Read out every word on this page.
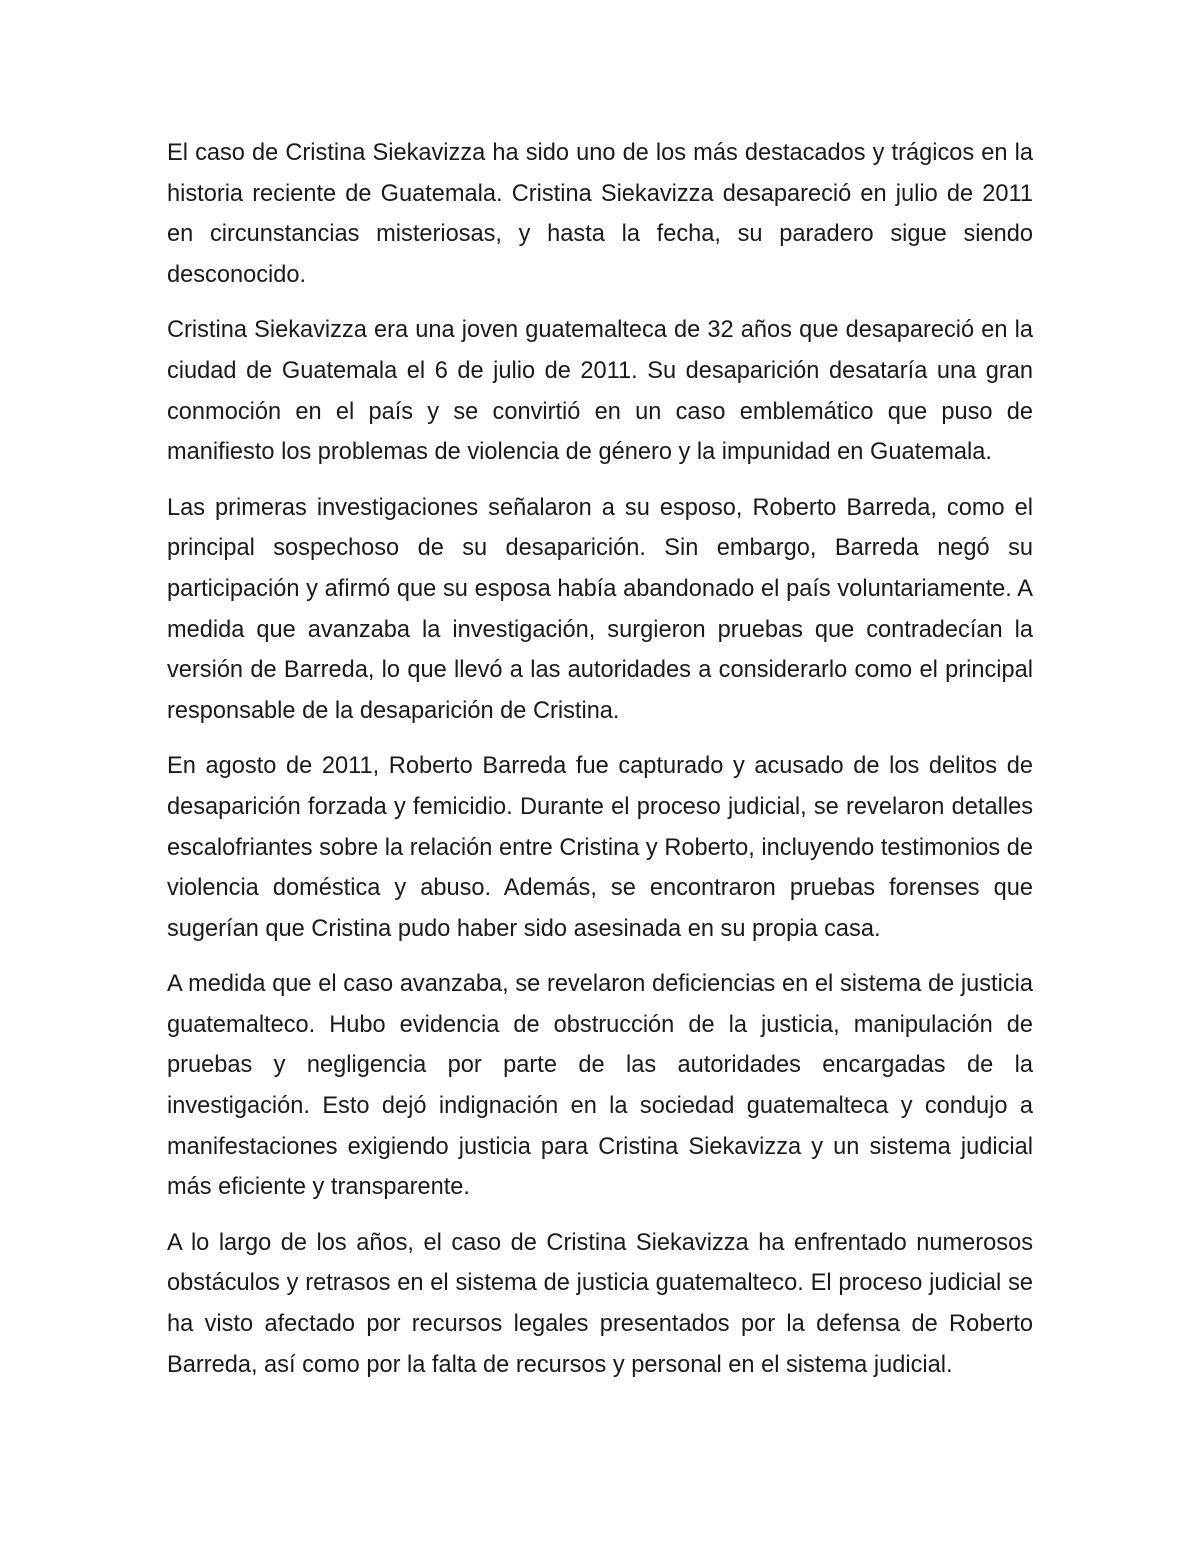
El caso de Cristina Siekavizza ha sido uno de los más destacados y trágicos en la historia reciente de Guatemala. Cristina Siekavizza desapareció en julio de 2011 en circunstancias misteriosas, y hasta la fecha, su paradero sigue siendo desconocido.

Cristina Siekavizza era una joven guatemalteca de 32 años que desapareció en la ciudad de Guatemala el 6 de julio de 2011. Su desaparición desataría una gran conmoción en el país y se convirtió en un caso emblemático que puso de manifiesto los problemas de violencia de género y la impunidad en Guatemala.

Las primeras investigaciones señalaron a su esposo, Roberto Barreda, como el principal sospechoso de su desaparición. Sin embargo, Barreda negó su participación y afirmó que su esposa había abandonado el país voluntariamente. A medida que avanzaba la investigación, surgieron pruebas que contradecían la versión de Barreda, lo que llevó a las autoridades a considerarlo como el principal responsable de la desaparición de Cristina.

En agosto de 2011, Roberto Barreda fue capturado y acusado de los delitos de desaparición forzada y femicidio. Durante el proceso judicial, se revelaron detalles escalofriantes sobre la relación entre Cristina y Roberto, incluyendo testimonios de violencia doméstica y abuso. Además, se encontraron pruebas forenses que sugerían que Cristina pudo haber sido asesinada en su propia casa.

A medida que el caso avanzaba, se revelaron deficiencias en el sistema de justicia guatemalteco. Hubo evidencia de obstrucción de la justicia, manipulación de pruebas y negligencia por parte de las autoridades encargadas de la investigación. Esto dejó indignación en la sociedad guatemalteca y condujo a manifestaciones exigiendo justicia para Cristina Siekavizza y un sistema judicial más eficiente y transparente.

A lo largo de los años, el caso de Cristina Siekavizza ha enfrentado numerosos obstáculos y retrasos en el sistema de justicia guatemalteco. El proceso judicial se ha visto afectado por recursos legales presentados por la defensa de Roberto Barreda, así como por la falta de recursos y personal en el sistema judicial.
